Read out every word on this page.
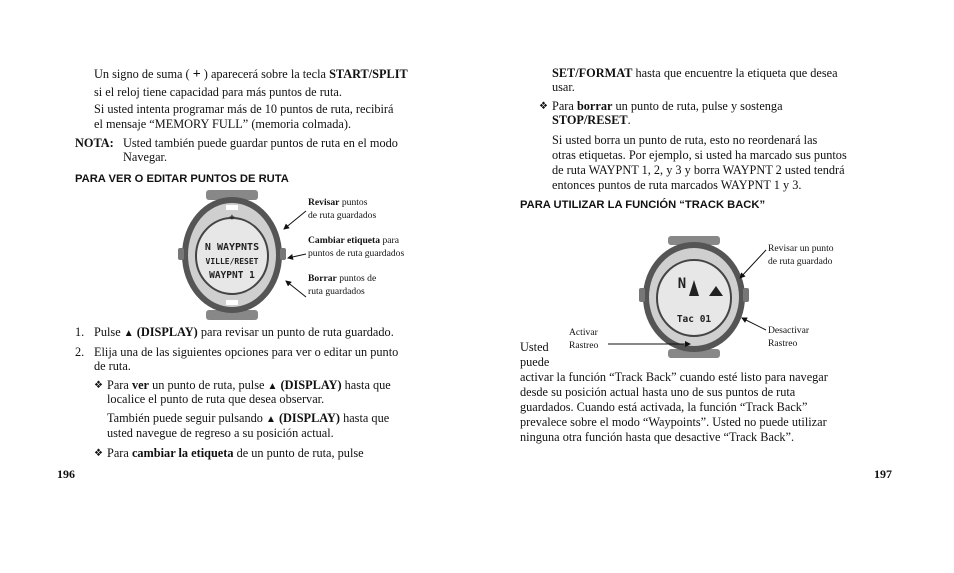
Un signo de suma ( + ) aparecerá sobre la tecla START/SPLIT
si el reloj tiene capacidad para más puntos de ruta.
Si usted intenta programar más de 10 puntos de ruta, recibirá
el mensaje “MEMORY FULL” (memoria colmada).
NOTA: Usted también puede guardar puntos de ruta en el modo
Navegar.
PARA VER O EDITAR PUNTOS DE RUTA
+
N WAYPNTS
VILLE/RESET
WAYPNT 1
Revisar puntos
de ruta guardados
Cambiar etiqueta para
puntos de ruta guardados
Borrar puntos de
ruta guardados
1. Pulse ▲ (DISPLAY) para revisar un punto de ruta guardado.
2. Elija una de las siguientes opciones para ver o editar un punto
de ruta.
❖ Para ver un punto de ruta, pulse ▲ (DISPLAY) hasta que
localice el punto de ruta que desea observar.
También puede seguir pulsando ▲ (DISPLAY) hasta que
usted navegue de regreso a su posición actual.
❖ Para cambiar la etiqueta de un punto de ruta, pulse
196
SET/FORMAT hasta que encuentre la etiqueta que desea
usar.
❖ Para borrar un punto de ruta, pulse y sostenga
STOP/RESET.
Si usted borra un punto de ruta, esto no reordenará las
otras etiquetas. Por ejemplo, si usted ha marcado sus puntos
de ruta WAYPNT 1, 2, y 3 y borra WAYPNT 2 usted tendrá
entonces puntos de ruta marcados WAYPNT 1 y 3.
PARA UTILIZAR LA FUNCIÓN “TRACK BACK”
N
Tac 01
Revisar un punto
de ruta guardado
Activar
Rastreo
Desactivar
Rastreo
Usted
puede
activar la función “Track Back” cuando esté listo para navegar
desde su posición actual hasta uno de sus puntos de ruta
guardados. Cuando está activada, la función “Track Back”
prevalece sobre el modo “Waypoints”. Usted no puede utilizar
ninguna otra función hasta que desactive “Track Back”.
197
